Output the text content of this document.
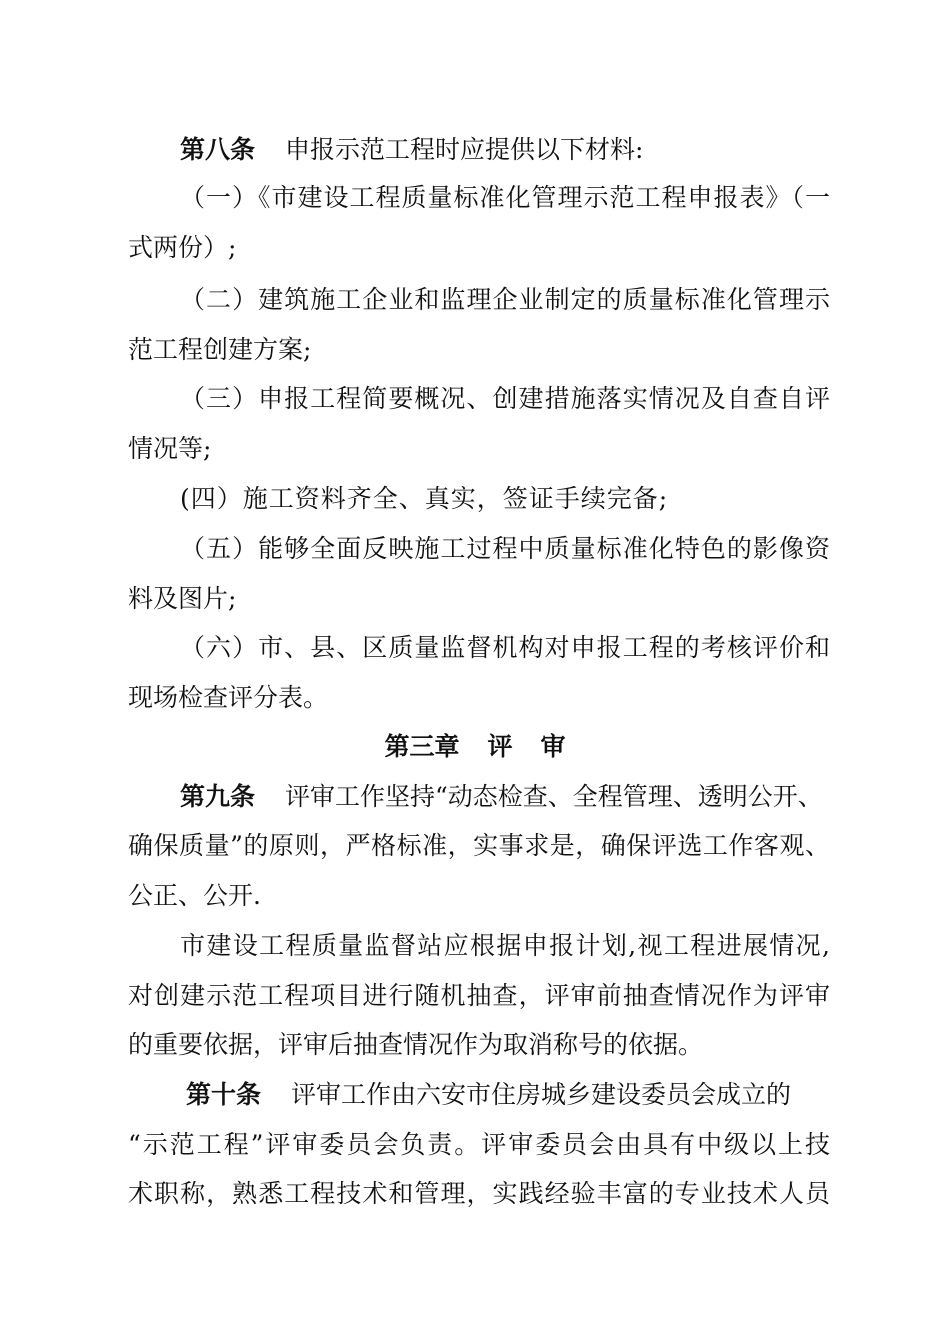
第八条 申报示范工程时应提供以下材料:
（一）《市建设工程质量标准化管理示范工程申报表》（一
式两份）;
（二）建筑施工企业和监理企业制定的质量标准化管理示
范工程创建方案;
（三）申报工程简要概况、创建措施落实情况及自查自评
情况等;
(四）施工资料齐全、真实，签证手续完备;
（五）能够全面反映施工过程中质量标准化特色的影像资
料及图片;
（六）市、县、区质量监督机构对申报工程的考核评价和
现场检查评分表。
第三章 评 审
第九条 评审工作坚持“动态检查、全程管理、透明公开、
确保质量”的原则，严格标准，实事求是，确保评选工作客观、
公正、公开.
市建设工程质量监督站应根据申报计划,视工程进展情况,
对创建示范工程项目进行随机抽查，评审前抽查情况作为评审
的重要依据，评审后抽查情况作为取消称号的依据。
第十条 评审工作由六安市住房城乡建设委员会成立的
“示范工程”评审委员会负责。评审委员会由具有中级以上技
术职称，熟悉工程技术和管理，实践经验丰富的专业技术人员
